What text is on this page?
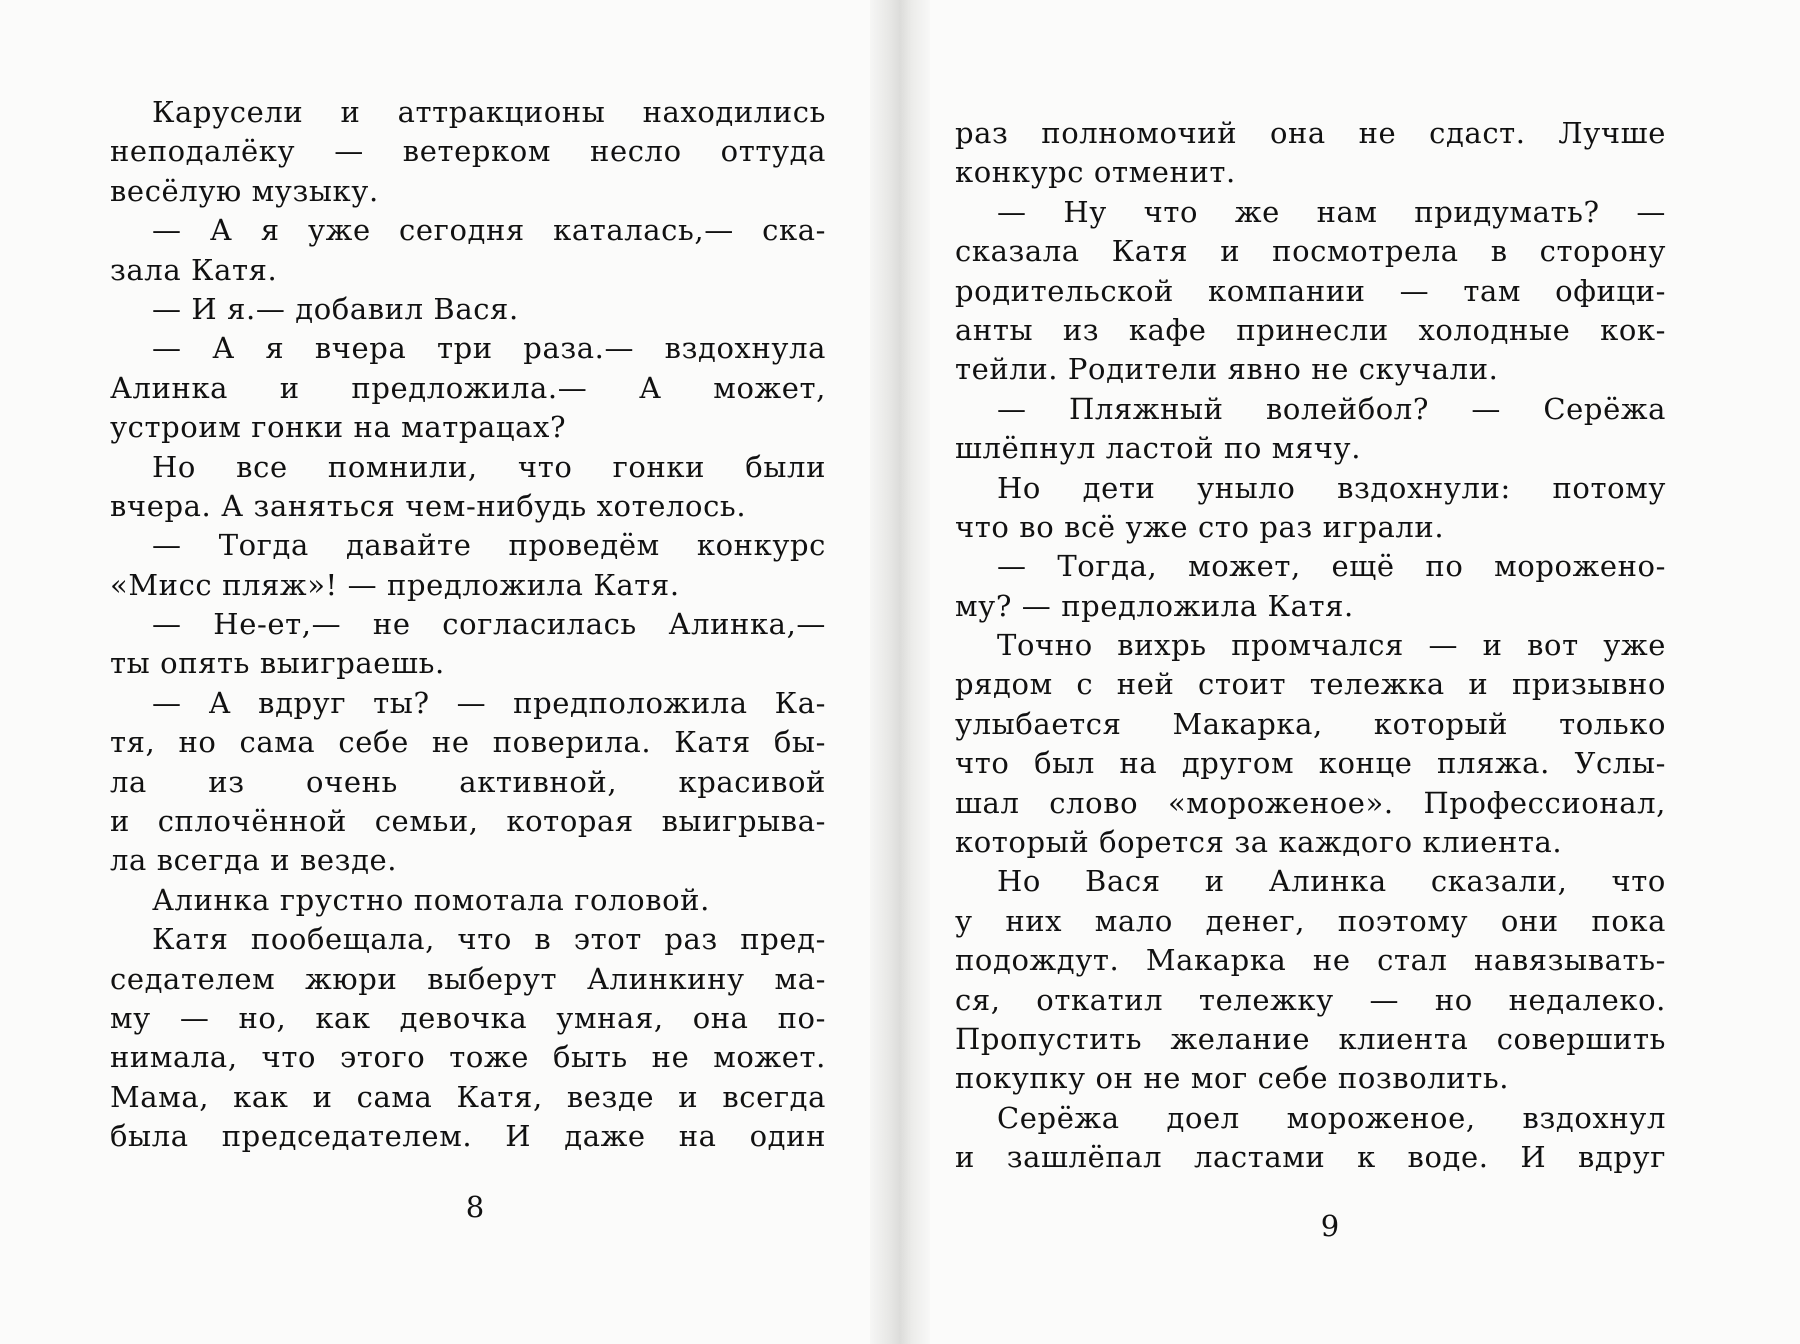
Карусели и аттракционы находились
неподалёку — ветерком несло оттуда
весёлую музыку.
— А я уже сегодня каталась,— ска-
зала Катя.
— И я.— добавил Вася.
— А я вчера три раза.— вздохнула
Алинка и предложила.— А может,
устроим гонки на матрацах?
Но все помнили, что гонки были
вчера. А заняться чем-нибудь хотелось.
— Тогда давайте проведём конкурс
«Мисс пляж»! — предложила Катя.
— Не-ет,— не согласилась Алинка,—
ты опять выиграешь.
— А вдруг ты? — предположила Ка-
тя, но сама себе не поверила. Катя бы-
ла из очень активной, красивой
и сплочённой семьи, которая выигрыва-
ла всегда и везде.
Алинка грустно помотала головой.
Катя пообещала, что в этот раз пред-
седателем жюри выберут Алинкину ма-
му — но, как девочка умная, она по-
нимала, что этого тоже быть не может.
Мама, как и сама Катя, везде и всегда
была председателем. И даже на один
8
раз полномочий она не сдаст. Лучше
конкурс отменит.
— Ну что же нам придумать? —
сказала Катя и посмотрела в сторону
родительской компании — там офици-
анты из кафе принесли холодные кок-
тейли. Родители явно не скучали.
— Пляжный волейбол? — Серёжа
шлёпнул ластой по мячу.
Но дети уныло вздохнули: потому
что во всё уже сто раз играли.
— Тогда, может, ещё по мороженo-
му? — предложила Катя.
Точно вихрь промчался — и вот уже
рядом с ней стоит тележка и призывно
улыбается Макарка, который только
что был на другом конце пляжа. Услы-
шал слово «мороженое». Профессионал,
который борется за каждого клиента.
Но Вася и Алинка сказали, что
у них мало денег, поэтому они пока
подождут. Макарка не стал навязывать-
ся, откатил тележку — но недалеко.
Пропустить желание клиента совершить
покупку он не мог себе позволить.
Серёжа доел мороженое, вздохнул
и зашлёпал ластами к воде. И вдруг
9
